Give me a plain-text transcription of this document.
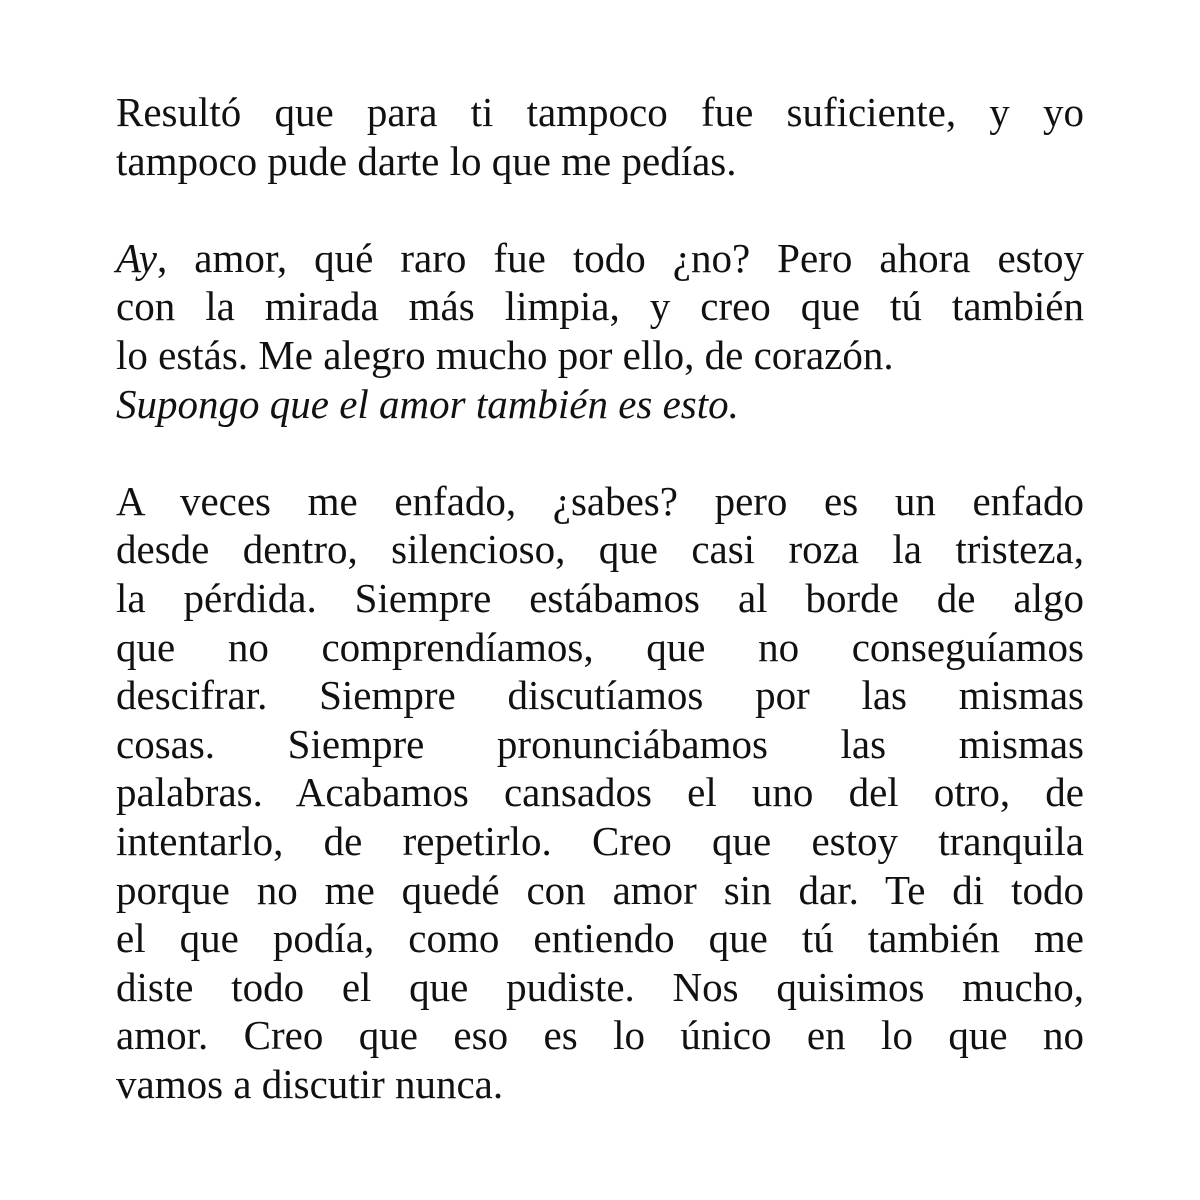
Resultó que para ti tampoco fue suficiente, y yo
tampoco pude darte lo que me pedías.

Ay, amor, qué raro fue todo ¿no? Pero ahora estoy
con la mirada más limpia, y creo que tú también
lo estás. Me alegro mucho por ello, de corazón.
Supongo que el amor también es esto.

A veces me enfado, ¿sabes? pero es un enfado
desde dentro, silencioso, que casi roza la tristeza,
la pérdida. Siempre estábamos al borde de algo
que no comprendíamos, que no conseguíamos
descifrar. Siempre discutíamos por las mismas
cosas. Siempre pronunciábamos las mismas
palabras. Acabamos cansados el uno del otro, de
intentarlo, de repetirlo. Creo que estoy tranquila
porque no me quedé con amor sin dar. Te di todo
el que podía, como entiendo que tú también me
diste todo el que pudiste. Nos quisimos mucho,
amor. Creo que eso es lo único en lo que no
vamos a discutir nunca.
